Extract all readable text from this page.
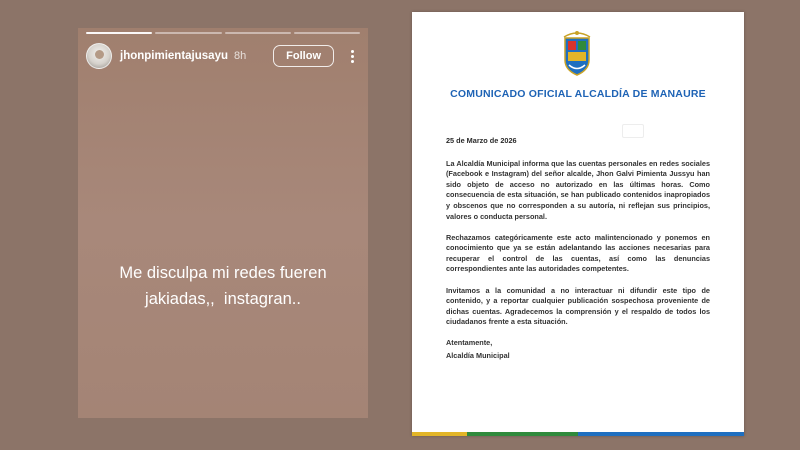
jhonpimientajusayu 8h	Follow
Me disculpa mi redes fueren
jakiadas,,  instagran..
COMUNICADO OFICIAL ALCALDÍA DE MANAURE

25 de Marzo de 2026

La Alcaldía Municipal informa que las cuentas personales en redes sociales (Facebook e Instagram) del señor alcalde, Jhon Galvi Pimienta Jussyu han sido objeto de acceso no autorizado en las últimas horas. Como consecuencia de esta situación, se han publicado contenidos inapropiados y obscenos que no corresponden a su autoría, ni reflejan sus principios, valores o conducta personal.

Rechazamos categóricamente este acto malintencionado y ponemos en conocimiento que ya se están adelantando las acciones necesarias para recuperar el control de las cuentas, así como las denuncias correspondientes ante las autoridades competentes.

Invitamos a la comunidad a no interactuar ni difundir este tipo de contenido, y a reportar cualquier publicación sospechosa proveniente de dichas cuentas. Agradecemos la comprensión y el respaldo de todos los ciudadanos frente a esta situación.

Atentamente,

Alcaldía Municipal
